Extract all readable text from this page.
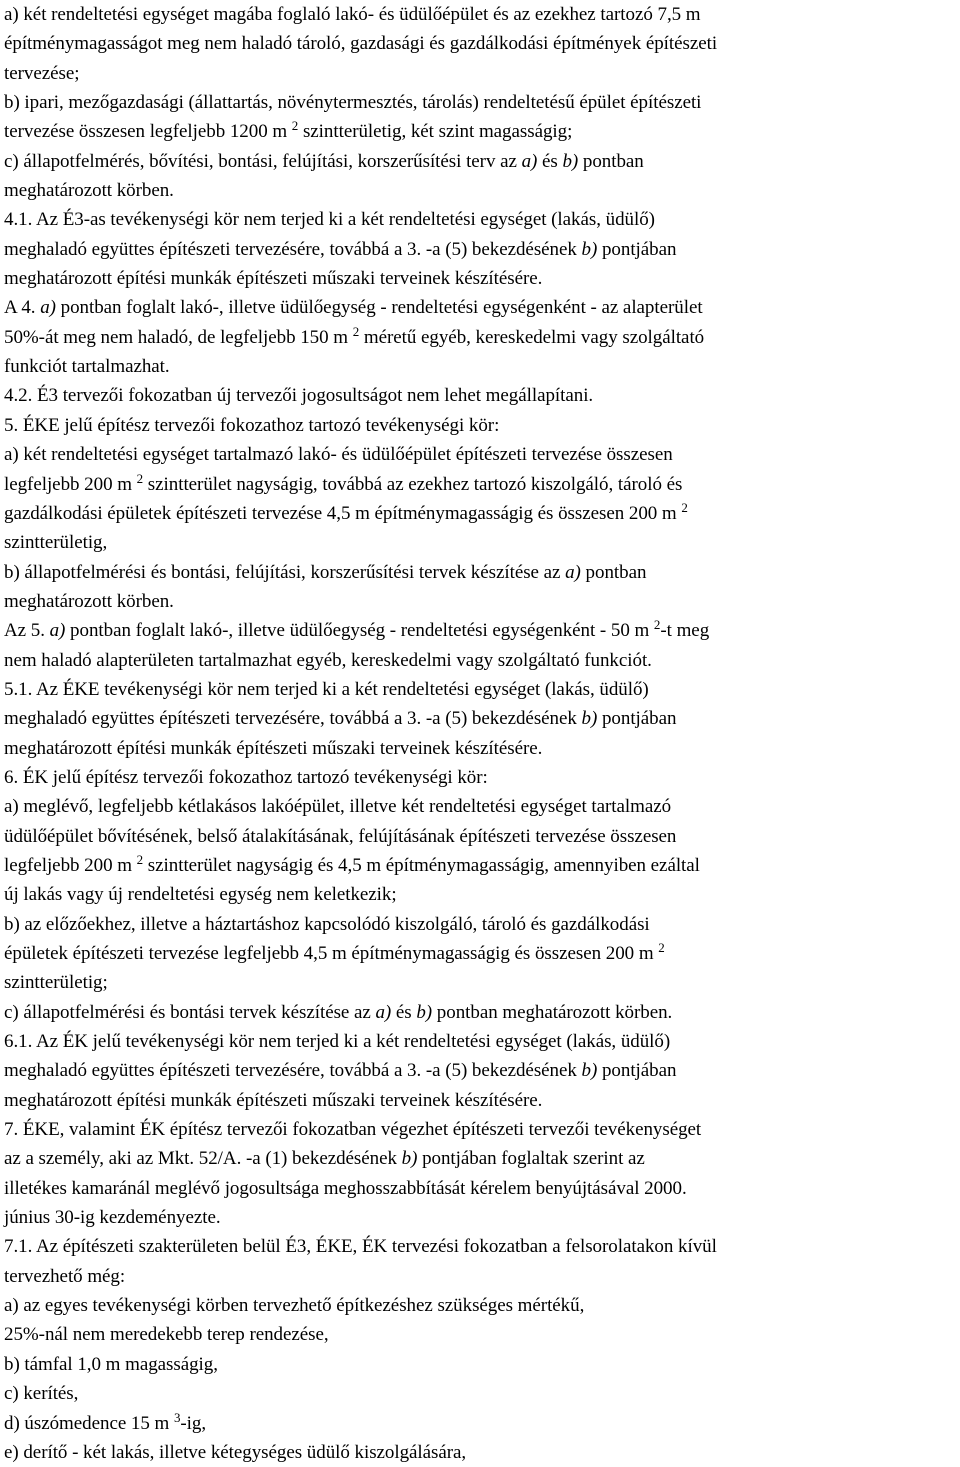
a) két rendeltetési egységet magába foglaló lakó- és üdülőépület és az ezekhez tartozó 7,5 m

építménymagasságot meg nem haladó tároló, gazdasági és gazdálkodási építmények építészeti

tervezése;

b) ipari, mezőgazdasági (állattartás, növénytermesztés, tárolás) rendeltetésű épület építészeti

tervezése összesen legfeljebb 1200 m $^2$ szintterületig, két szint magasságig;

c) állapotfelmérés, bővítési, bontási, felújítási, korszerűsítési terv az a) és b) pontban

meghatározott körben.

4.1. Az É3-as tevékenységi kör nem terjed ki a két rendeltetési egységet (lakás, üdülő)

meghaladó együttes építészeti tervezésére, továbbá a 3. -a (5) bekezdésének b) pontjában

meghatározott építési munkák építészeti műszaki terveinek készítésére.

A 4. a) pontban foglalt lakó-, illetve üdülőegység - rendeltetési egységenként - az alapterület

50%-át meg nem haladó, de legfeljebb 150 m $^2$ méretű egyéb, kereskedelmi vagy szolgáltató

funkciót tartalmazhat.

4.2. É3 tervezői fokozatban új tervezői jogosultságot nem lehet megállapítani.

5. ÉKE jelű építész tervezői fokozathoz tartozó tevékenységi kör:

a) két rendeltetési egységet tartalmazó lakó- és üdülőépület építészeti tervezése összesen

legfeljebb 200 m $^2$ szintterület nagyságig, továbbá az ezekhez tartozó kiszolgáló, tároló és

gazdálkodási épületek építészeti tervezése 4,5 m építménymagasságig és összesen 200 m $^2$

szintterületig,

b) állapotfelmérési és bontási, felújítási, korszerűsítési tervek készítése az a) pontban

meghatározott körben.

Az 5. a) pontban foglalt lakó-, illetve üdülőegység - rendeltetési egységenként - 50 m $^2$-t meg

nem haladó alapterületen tartalmazhat egyéb, kereskedelmi vagy szolgáltató funkciót.

5.1. Az ÉKE tevékenységi kör nem terjed ki a két rendeltetési egységet (lakás, üdülő)

meghaladó együttes építészeti tervezésére, továbbá a 3. -a (5) bekezdésének b) pontjában

meghatározott építési munkák építészeti műszaki terveinek készítésére.

6. ÉK jelű építész tervezői fokozathoz tartozó tevékenységi kör:

a) meglévő, legfeljebb kétlakásos lakóépület, illetve két rendeltetési egységet tartalmazó

üdülőépület bővítésének, belső átalakításának, felújításának építészeti tervezése összesen

legfeljebb 200 m $^2$ szintterület nagyságig és 4,5 m építménymagasságig, amennyiben ezáltal

új lakás vagy új rendeltetési egység nem keletkezik;

b) az előzőekhez, illetve a háztartáshoz kapcsolódó kiszolgáló, tároló és gazdálkodási

épületek építészeti tervezése legfeljebb 4,5 m építménymagasságig és összesen 200 m $^2$

szintterületig;

c) állapotfelmérési és bontási tervek készítése az a) és b) pontban meghatározott körben.

6.1. Az ÉK jelű tevékenységi kör nem terjed ki a két rendeltetési egységet (lakás, üdülő)

meghaladó együttes építészeti tervezésére, továbbá a 3. -a (5) bekezdésének b) pontjában

meghatározott építési munkák építészeti műszaki terveinek készítésére.

7. ÉKE, valamint ÉK építész tervezői fokozatban végezhet építészeti tervezői tevékenységet

az a személy, aki az Mkt. 52/A. -a (1) bekezdésének b) pontjában foglaltak szerint az

illetékes kamaránál meglévő jogosultsága meghosszabbítását kérelem benyújtásával 2000.

június 30-ig kezdeményezte.

7.1. Az építészeti szakterületen belül É3, ÉKE, ÉK tervezési fokozatban a felsorolatakon kívül

tervezhető még:

a) az egyes tevékenységi körben tervezhető építkezéshez szükséges mértékű,

25%-nál nem meredekebb terep rendezése,

b) támfal 1,0 m magasságig,

c) kerítés,

d) úszómedence 15 m $^3$-ig,

e) derítő - két lakás, illetve kétegységes üdülő kiszolgálására,
